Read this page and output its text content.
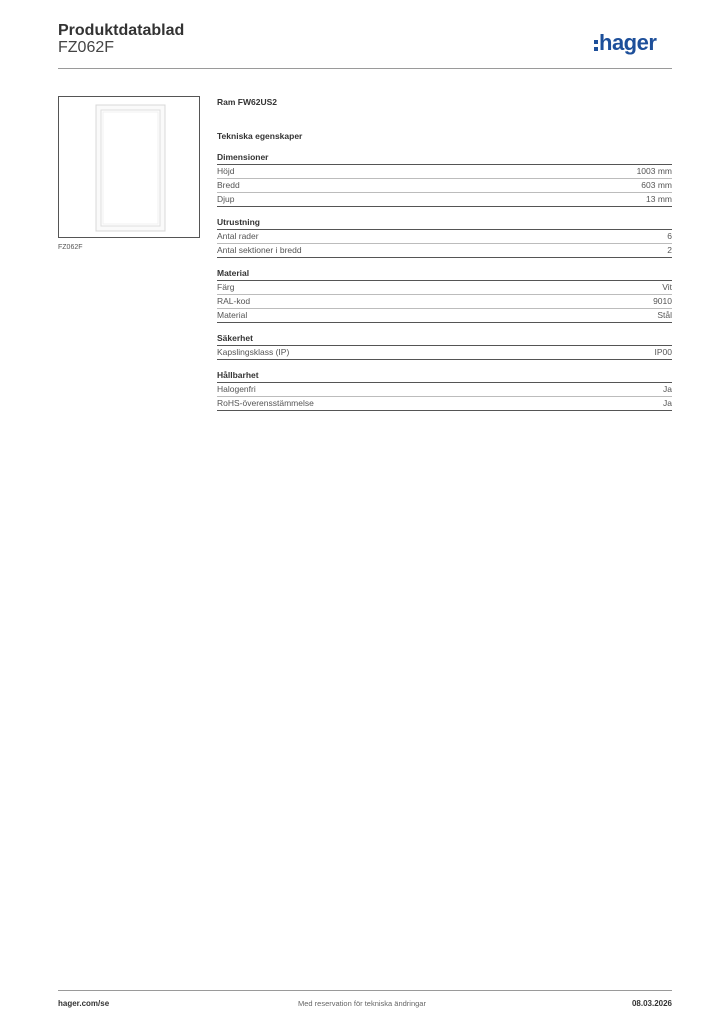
Produktdatablad
FZ062F	hager
FZ062F
Ram FW62US2
Tekniska egenskaper
Dimensioner
Höjd	1003 mm
Bredd	603 mm
Djup	13 mm
Utrustning
Antal rader	6
Antal sektioner i bredd	2
Material
Färg	Vit
RAL-kod	9010
Material	Stål
Säkerhet
Kapslingsklass (IP)	IP00
Hållbarhet
Halogenfri	Ja
RoHS-överensstämmelse	Ja
hager.com/se	Med reservation för tekniska ändringar	08.03.2026
